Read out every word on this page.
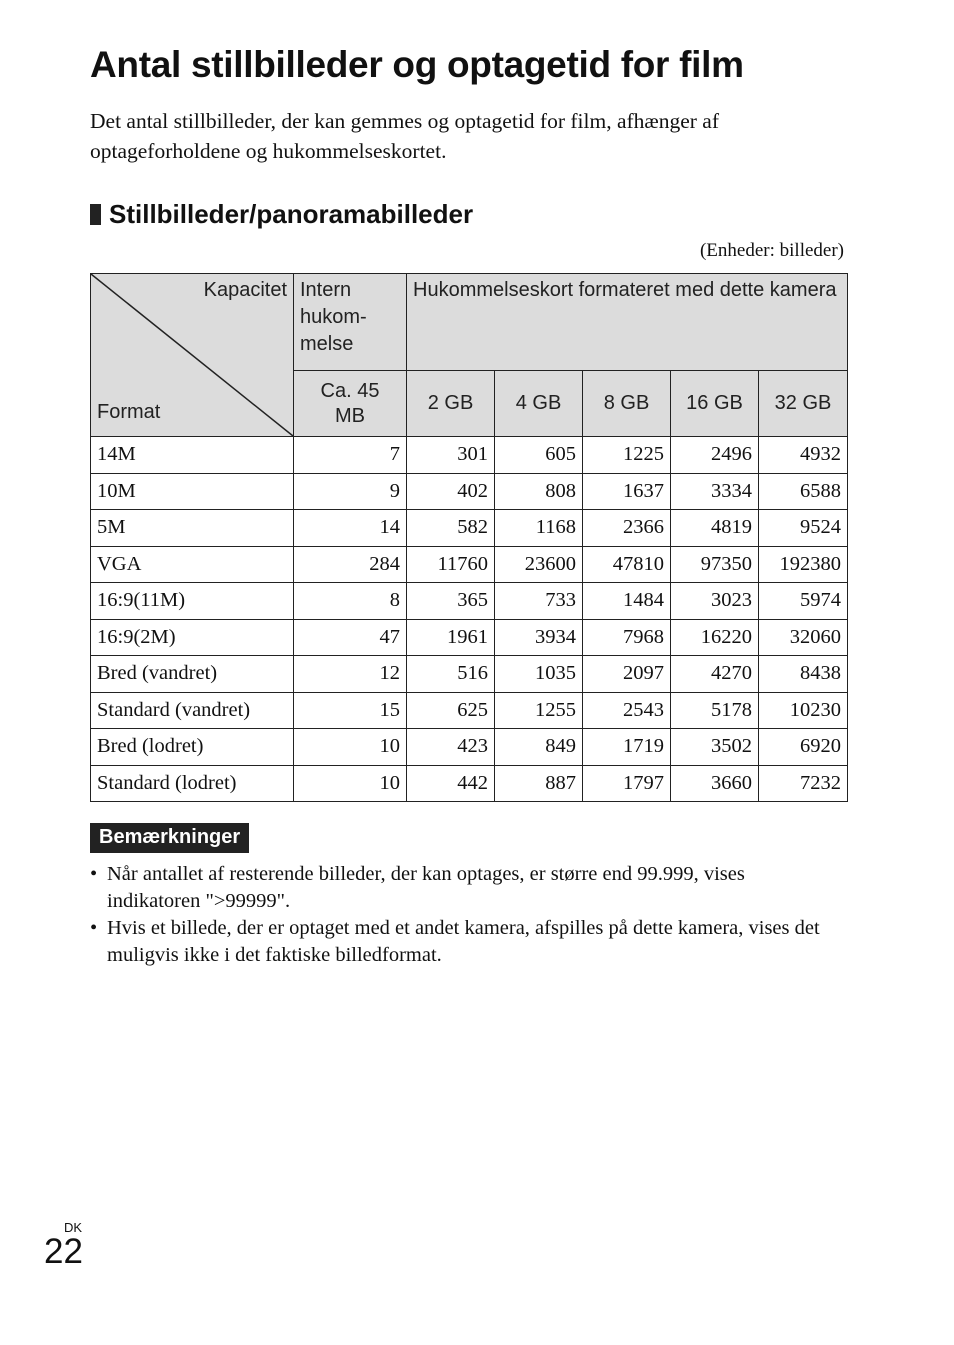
Antal stillbilleder og optagetid for film

Det antal stillbilleder, der kan gemmes og optagetid for film, afhænger af optageforholdene og hukommelseskortet.

Stillbilleder/panoramabilleder

(Enheder: billeder)

Kapacitet
Format	Intern hukom- melse	Hukommelseskort formateret med dette kamera				
	Ca. 45 MB	2 GB	4 GB	8 GB	16 GB	32 GB
14M	7	301	605	1225	2496	4932
10M	9	402	808	1637	3334	6588
5M	14	582	1168	2366	4819	9524
VGA	284	11760	23600	47810	97350	192380
16:9(11M)	8	365	733	1484	3023	5974
16:9(2M)	47	1961	3934	7968	16220	32060
Bred (vandret)	12	516	1035	2097	4270	8438
Standard (vandret)	15	625	1255	2543	5178	10230
Bred (lodret)	10	423	849	1719	3502	6920
Standard (lodret)	10	442	887	1797	3660	7232

Bemærkninger

• Når antallet af resterende billeder, der kan optages, er større end 99.999, vises indikatoren ">99999".
• Hvis et billede, der er optaget med et andet kamera, afspilles på dette kamera, vises det muligvis ikke i det faktiske billedformat.

DK

22
